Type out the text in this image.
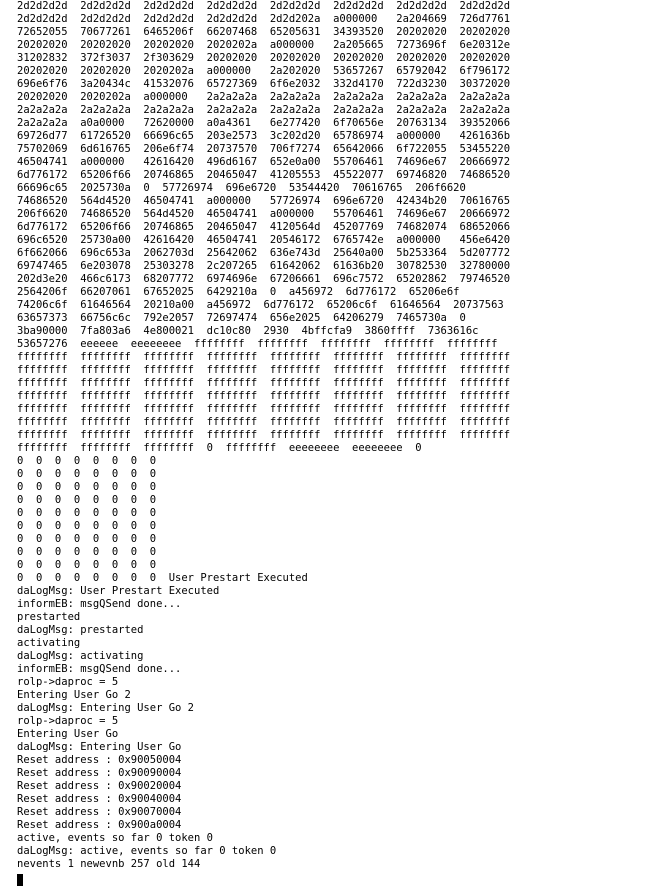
2d2d2d2d  2d2d2d2d  2d2d2d2d  2d2d2d2d  2d2d2d2d  2d2d2d2d  2d2d2d2d  2d2d2d2d
2d2d2d2d  2d2d2d2d  2d2d2d2d  2d2d2d2d  2d2d202a  a000000   2a204669  726d7761
72652055  70677261  6465206f  66207468  65205631  34393520  20202020  20202020
20202020  20202020  20202020  2020202a  a000000   2a205665  7273696f  6e20312e
31202832  372f3037  2f303629  20202020  20202020  20202020  20202020  20202020
20202020  20202020  2020202a  a000000   2a202020  53657267  65792042  6f796172
696e6f76  3a20434c  41532076  65727369  6f6e2032  332d4170  722d3230  30372020
20202020  2020202a  a000000   2a2a2a2a  2a2a2a2a  2a2a2a2a  2a2a2a2a  2a2a2a2a
2a2a2a2a  2a2a2a2a  2a2a2a2a  2a2a2a2a  2a2a2a2a  2a2a2a2a  2a2a2a2a  2a2a2a2a
2a2a2a2a  a0a0000   72620000  a0a4361   6e277420  6f70656e  20763134  39352066
69726d77  61726520  66696c65  203e2573  3c202d20  65786974  a000000   4261636b
75702069  6d616765  206e6f74  20737570  706f7274  65642066  6f722055  53455220
46504741  a000000   42616420  496d6167  652e0a00  55706461  74696e67  20666972
6d776172  65206f66  20746865  20465047  41205553  45522077  69746820  74686520
66696c65  2025730a  0  57726974  696e6720  53544420  70616765  206f6620
74686520  564d4520  46504741  a000000   57726974  696e6720  42434b20  70616765
206f6620  74686520  564d4520  46504741  a000000   55706461  74696e67  20666972
6d776172  65206f66  20746865  20465047  4120564d  45207769  74682074  68652066
696c6520  25730a00  42616420  46504741  20546172  6765742e  a000000   456e6420
6f662066  696c653a  2062703d  25642062  636e743d  25640a00  5b253364  5d207772
69747465  6e203078  25303278  2c207265  61642062  61636b20  30782530  32780000
202d3e20  466c6173  68207772  6974696e  67206661  696c7572  65202862  79746520
2564206f  66207061  67652025  6429210a  0  a456972  6d776172  65206e6f
74206c6f  61646564  20210a00  a456972  6d776172  65206c6f  61646564  20737563
63657373  66756c6c  792e2057  72697474  656e2025  64206279  7465730a  0
3ba90000  7fa803a6  4e800021  dc10c80  2930  4bffcfa9  3860ffff  7363616c
53657276  eeeeee  eeeeeeee  ffffffff  ffffffff  ffffffff  ffffffff  ffffffff
ffffffff  ffffffff  ffffffff  ffffffff  ffffffff  ffffffff  ffffffff  ffffffff
ffffffff  ffffffff  ffffffff  ffffffff  ffffffff  ffffffff  ffffffff  ffffffff
ffffffff  ffffffff  ffffffff  ffffffff  ffffffff  ffffffff  ffffffff  ffffffff
ffffffff  ffffffff  ffffffff  ffffffff  ffffffff  ffffffff  ffffffff  ffffffff
ffffffff  ffffffff  ffffffff  ffffffff  ffffffff  ffffffff  ffffffff  ffffffff
ffffffff  ffffffff  ffffffff  ffffffff  ffffffff  ffffffff  ffffffff  ffffffff
ffffffff  ffffffff  ffffffff  ffffffff  ffffffff  ffffffff  ffffffff  ffffffff
ffffffff  ffffffff  ffffffff  0  ffffffff  eeeeeeee  eeeeeeee  0
0  0  0  0  0  0  0  0
0  0  0  0  0  0  0  0
0  0  0  0  0  0  0  0
0  0  0  0  0  0  0  0
0  0  0  0  0  0  0  0
0  0  0  0  0  0  0  0
0  0  0  0  0  0  0  0
0  0  0  0  0  0  0  0
0  0  0  0  0  0  0  0
0  0  0  0  0  0  0  0  User Prestart Executed
daLogMsg: User Prestart Executed
informEB: msgQSend done...
prestarted
daLogMsg: prestarted
activating
daLogMsg: activating
informEB: msgQSend done...
rolp->daproc = 5
Entering User Go 2
daLogMsg: Entering User Go 2
rolp->daproc = 5
Entering User Go
daLogMsg: Entering User Go
Reset address : 0x90050004
Reset address : 0x90090004
Reset address : 0x90020004
Reset address : 0x90040004
Reset address : 0x90070004
Reset address : 0x900a0004
active, events so far 0 token 0
daLogMsg: active, events so far 0 token 0
nevents 1 newevnb 257 old 144
